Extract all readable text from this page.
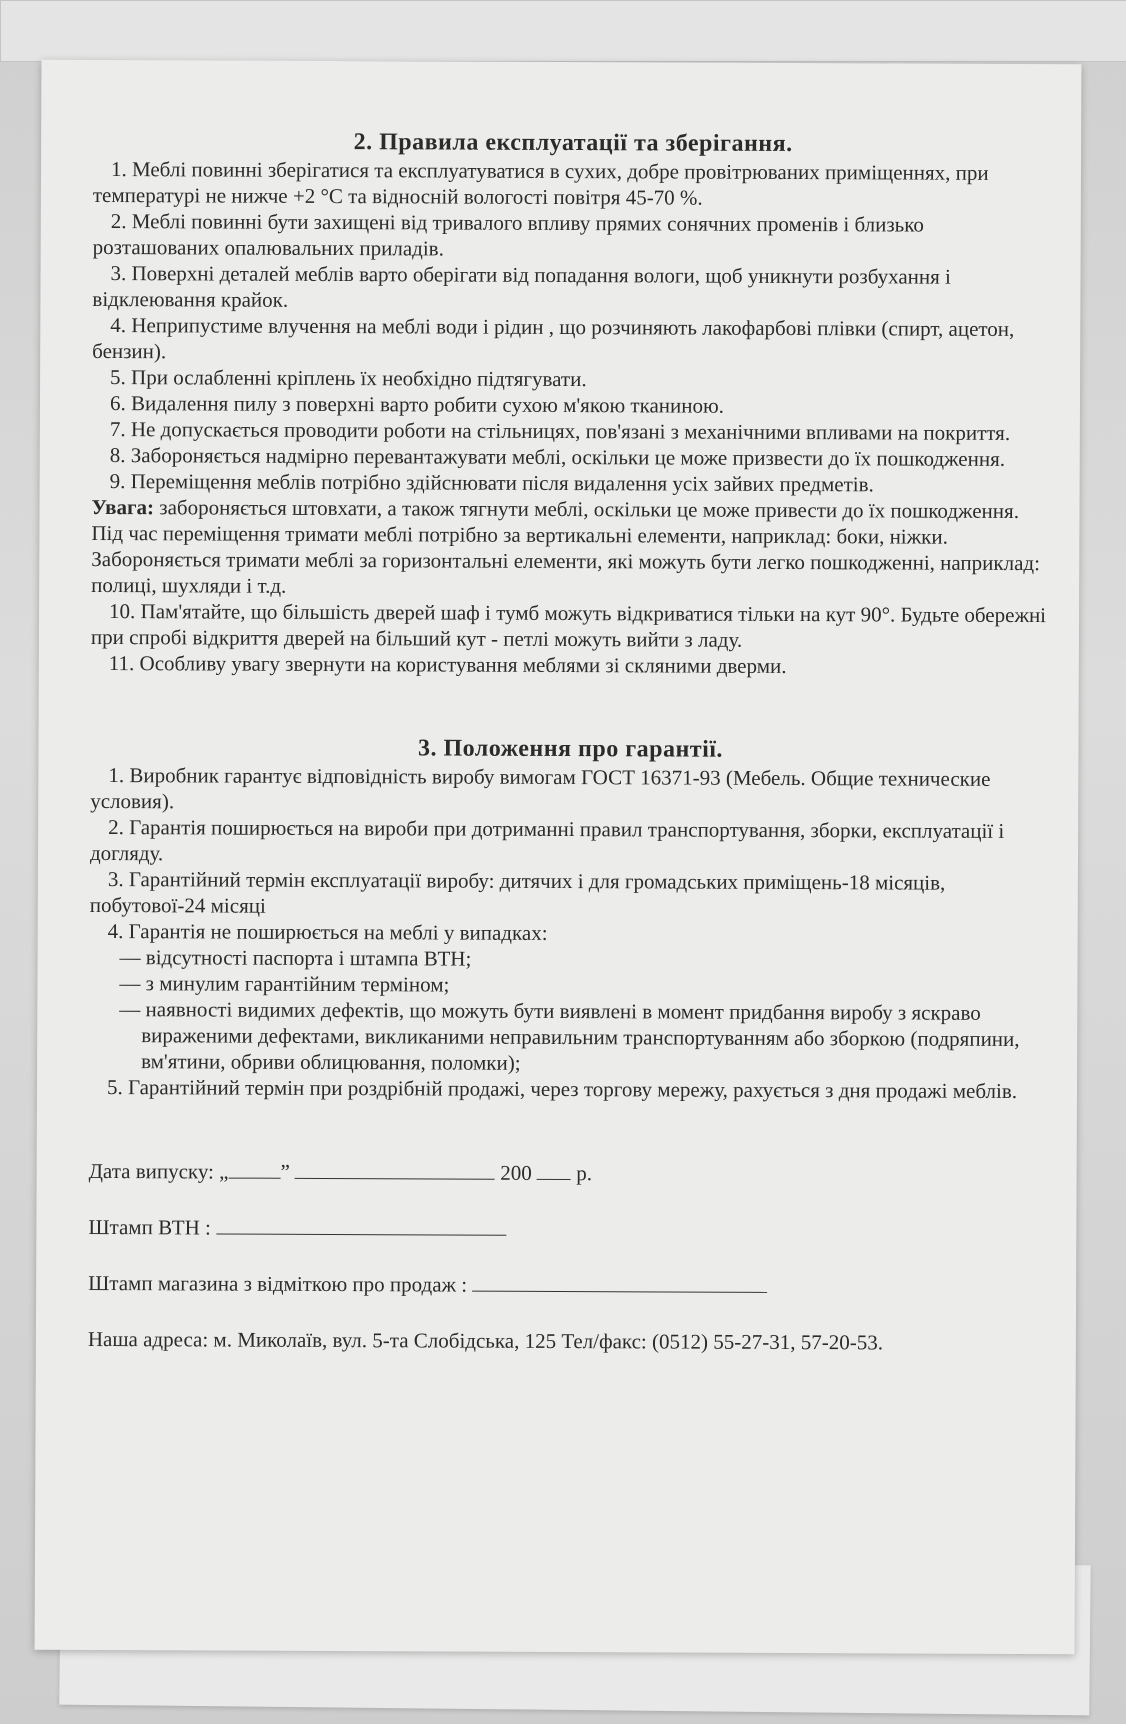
2. Правила експлуатації та зберігання.

1. Меблі повинні зберігатися та експлуатуватися в сухих, добре провітрюваних приміщеннях, при температурі не нижче +2 °С та відносній вологості повітря 45-70 %.

2. Меблі повинні бути захищені від тривалого впливу прямих сонячних променів і близько розташованих опалювальних приладів.

3. Поверхні деталей меблів варто оберігати від попадання вологи, щоб уникнути розбухання і відклеювання крайок.

4. Неприпустиме влучення на меблі води і рідин , що розчиняють лакофарбові плівки (спирт, ацетон, бензин).

5. При ослабленні кріплень їх необхідно підтягувати.

6. Видалення пилу з поверхні варто робити сухою м'якою тканиною.

7. Не допускається проводити роботи на стільницях, пов'язані з механічними впливами на покриття.

8. Забороняється надмірно перевантажувати меблі, оскільки це може призвести до їх пошкодження.

9. Переміщення меблів потрібно здійснювати після видалення усіх зайвих предметів.

Увага: забороняється штовхати, а також тягнути меблі, оскільки це може привести до їх пошкодження. Під час переміщення тримати меблі потрібно за вертикальні елементи, наприклад: боки, ніжки. Забороняється тримати меблі за горизонтальні елементи, які можуть бути легко пошкодженні, наприклад: полиці, шухляди і т.д.

10. Пам'ятайте, що більшість дверей шаф і тумб можуть відкриватися тільки на кут 90°. Будьте обережні при спробі відкриття дверей на більший кут - петлі можуть вийти з ладу.

11. Особливу увагу звернути на користування меблями зі скляними дверми.

3. Положення про гарантії.

1. Виробник гарантує відповідність виробу вимогам ГОСТ 16371-93 (Мебель. Общие технические условия).

2. Гарантія поширюється на вироби при дотриманні правил транспортування, зборки, експлуатації і догляду.

3. Гарантійний термін експлуатації виробу: дитячих і для громадських приміщень-18 місяців, побутової-24 місяці

4. Гарантія не поширюється на меблі у випадках:

— відсутності паспорта і штампа ВТН;

— з минулим гарантійним терміном;

— наявності видимих дефектів, що можуть бути виявлені в момент придбання виробу з яскраво вираженими дефектами, викликаними неправильним транспортуванням або зборкою (подряпини, вм'ятини, обриви облицювання, поломки);

5. Гарантійний термін при роздрібній продажі, через торгову мережу, рахується з дня продажі меблів.

Дата випуску: „ ”	200 р.
Штамп ВТН :
Штамп магазина з відміткою про продаж :

Наша адреса: м. Миколаїв, вул. 5-та Слобідська, 125 Тел/факс: (0512) 55-27-31, 57-20-53.
